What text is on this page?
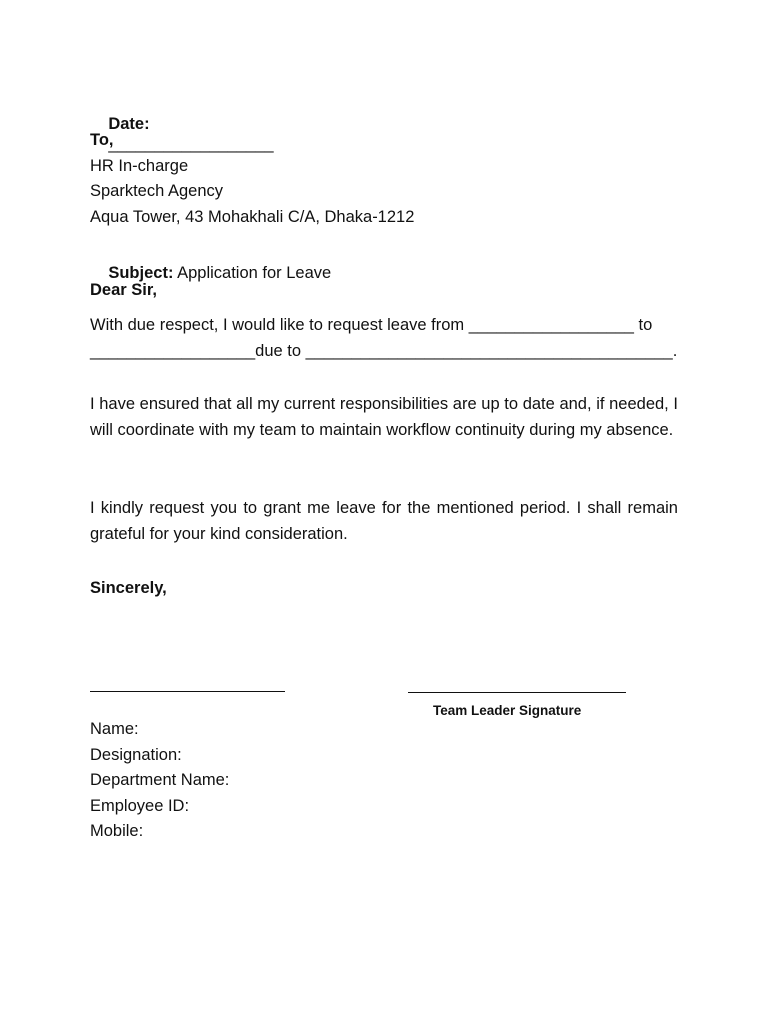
Date:
__________________

To,
HR In-charge
Sparktech Agency
Aqua Tower, 43 Mohakhali C/A, Dhaka-1212

Subject: Application for Leave

Dear Sir,
With due respect, I would like to request leave from __________________ to
__________________due to ________________________________________.
I have ensured that all my current responsibilities are up to date and, if needed, I will coordinate with my team to maintain workflow continuity during my absence.
I kindly request you to grant me leave for the mentioned period. I shall remain grateful for your kind consideration.
Sincerely,
Team Leader Signature
Name:
Designation:
Department Name:
Employee ID:
Mobile:
